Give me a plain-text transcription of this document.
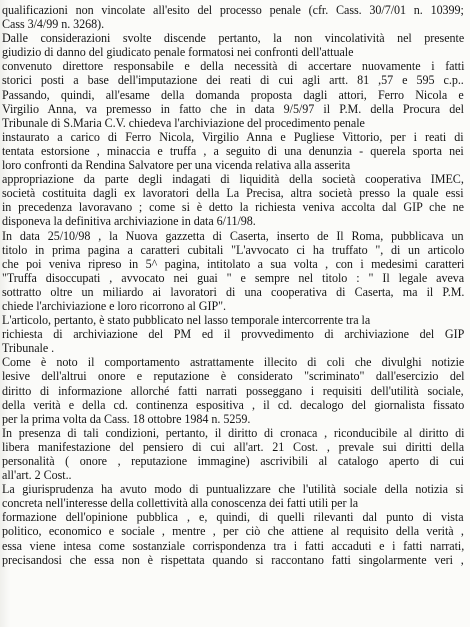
qualificazioni non vincolate all'esito del processo penale (cfr. Cass. 30/7/01 n. 10399;
Cass 3/4/99 n. 3268).
Dalle considerazioni svolte discende pertanto, la non vincolatività nel presente
giudizio di danno del giudicato penale formatosi nei confronti dell'attuale
convenuto direttore responsabile e della necessità di accertare nuovamente i fatti
storici posti a base dell'imputazione dei reati di cui agli artt. 81 ,57 e 595 c.p..
Passando, quindi, all'esame della domanda proposta dagli attori, Ferro Nicola e
Virgilio Anna, va premesso in fatto che in data 9/5/97 il P.M. della Procura del
Tribunale di S.Maria C.V. chiedeva l'archiviazione del procedimento penale
instaurato a carico di Ferro Nicola, Virgilio Anna e Pugliese Vittorio, per i reati di
tentata estorsione , minaccia e truffa , a seguito di una denunzia - querela sporta nei
loro confronti da Rendina Salvatore per una vicenda relativa alla asserita
appropriazione da parte degli indagati di liquidità della società cooperativa IMEC,
società costituita dagli ex lavoratori della La Precisa, altra società presso la quale essi
in precedenza lavoravano ; come si è detto la richiesta veniva accolta dal GIP che ne
disponeva la definitiva archiviazione in data 6/11/98.
In data 25/10/98 , la Nuova gazzetta di Caserta, inserto de Il Roma, pubblicava un
titolo in prima pagina a caratteri cubitali "L'avvocato ci ha truffato ", di un articolo
che poi veniva ripreso in 5^ pagina, intitolato a sua volta , con i medesimi caratteri
"Truffa disoccupati , avvocato nei guai " e sempre nel titolo : " Il legale aveva
sottratto oltre un miliardo ai lavoratori di una cooperativa di Caserta, ma il P.M.
chiede l'archiviazione e loro ricorrono al GIP".
L'articolo, pertanto, è stato pubblicato nel lasso temporale intercorrente tra la
richiesta di archiviazione del PM ed il provvedimento di archiviazione del GIP
Tribunale .
Come è noto il comportamento astrattamente illecito di coli che divulghi notizie
lesive dell'altrui onore e reputazione è considerato "scriminato" dall'esercizio del
diritto di informazione allorché fatti narrati posseggano i requisiti dell'utilità sociale,
della verità e della cd. continenza espositiva , il cd. decalogo del giornalista fissato
per la prima volta da Cass. 18 ottobre 1984 n. 5259.
In presenza di tali condizioni, pertanto, il diritto di cronaca , riconducibile al diritto di
libera manifestazione del pensiero di cui all'art. 21 Cost. , prevale sui diritti della
personalità ( onore , reputazione immagine) ascrivibili al catalogo aperto di cui
all'art. 2 Cost..
La giurisprudenza ha avuto modo di puntualizzare che l'utilità sociale della notizia si
concreta nell'interesse della collettività alla conoscenza dei fatti utili per la
formazione dell'opinione pubblica , e, quindi, di quelli rilevanti dal punto di vista
politico, economico e sociale , mentre , per ciò che attiene al requisito della verità ,
essa viene intesa come sostanziale corrispondenza tra i fatti accaduti e i fatti narrati,
precisandosi che essa non è rispettata quando si raccontano fatti singolarmente veri ,
